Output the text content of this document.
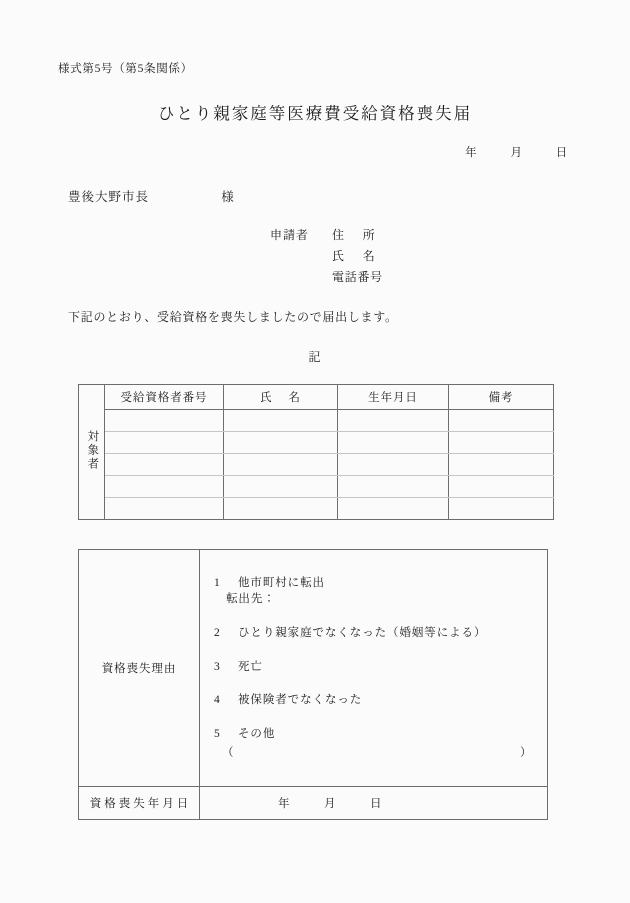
様式第5号（第5条関係）
ひとり親家庭等医療費受給資格喪失届
年	月	日
豊後大野市長	様
申請者	住 所
氏 名
電話番号
下記のとおり、受給資格を喪失しましたので届出します。
記
対象者	受給資格者番号	氏 名	生年月日	備考

資格喪失理由	
1 他市町村に転出
転出先：
2 ひとり親家庭でなくなった（婚姻等による）
3 死亡
4 被保険者でなくなった
5 その他
（	）

資格喪失年月日	年 月 日
